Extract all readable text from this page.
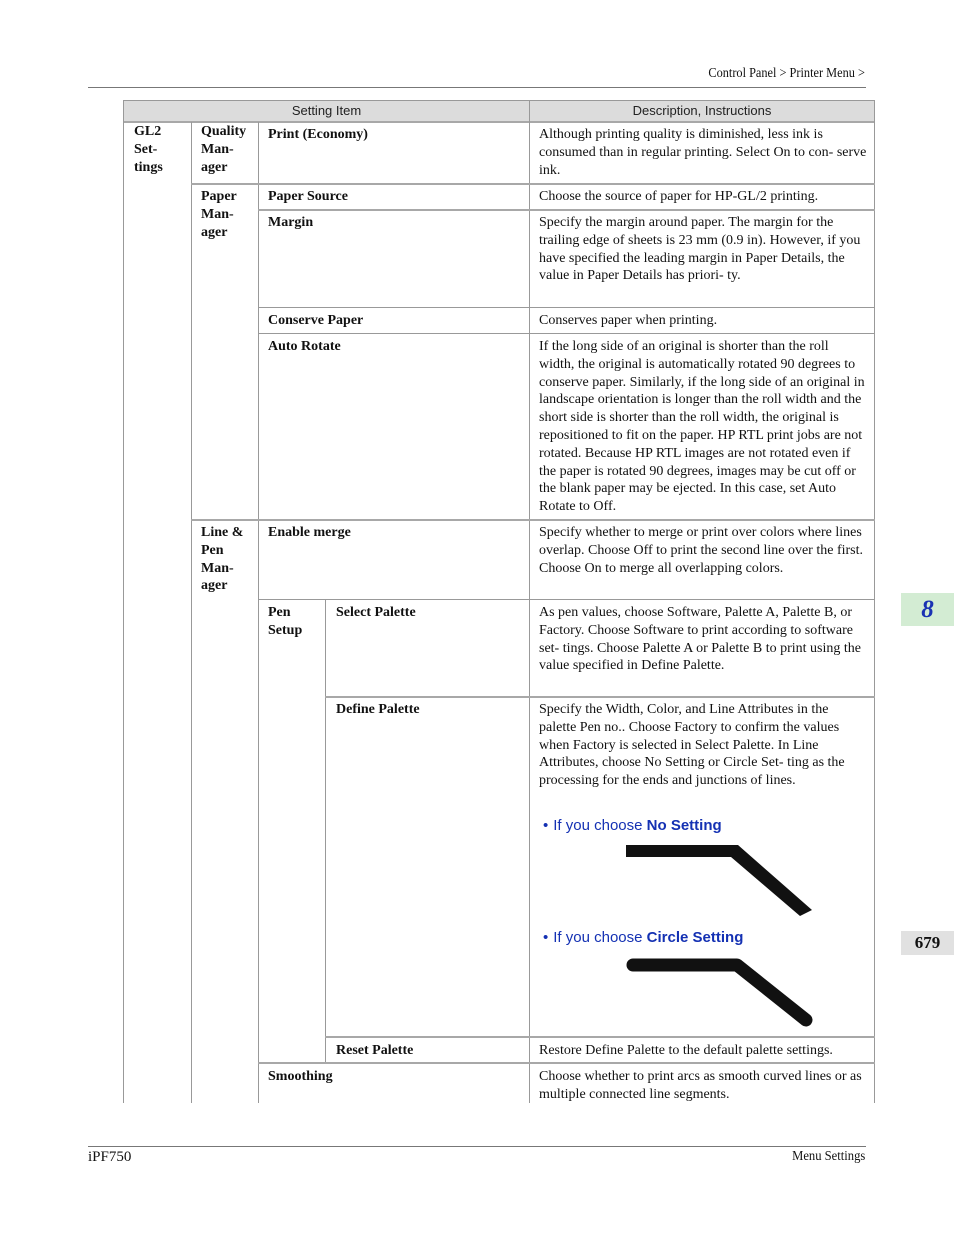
Control Panel > Printer Menu >
Setting Item	Description, Instructions
GL2 Set- tings
Quality Man- ager
Paper Man- ager
Line & Pen Man- ager
Pen Setup
Print (Economy)
Paper Source
Margin
Conserve Paper
Auto Rotate
Enable merge
Select Palette
Define Palette
Reset Palette
Smoothing
Although printing quality is diminished, less ink is consumed than in regular printing. Select On to con- serve ink.
Choose the source of paper for HP-GL/2 printing.
Specify the margin around paper. The margin for the trailing edge of sheets is 23 mm (0.9 in). However, if you have specified the leading margin in Paper Details, the value in Paper Details has priori- ty.
Conserves paper when printing.
If the long side of an original is shorter than the roll width, the original is automatically rotated 90 degrees to conserve paper. Similarly, if the long side of an original in landscape orientation is longer than the roll width and the short side is shorter than the roll width, the original is repositioned to fit on the paper. HP RTL print jobs are not rotated. Because HP RTL images are not rotated even if the paper is rotated 90 degrees, images may be cut off or the blank paper may be ejected. In this case, set Auto Rotate to Off.
Specify whether to merge or print over colors where lines overlap. Choose Off to print the second line over the first. Choose On to merge all overlapping colors.
As pen values, choose Software, Palette A, Palette B, or Factory. Choose Software to print according to software set- tings. Choose Palette A or Palette B to print using the value specified in Define Palette.
Specify the Width, Color, and Line Attributes in the palette Pen no.. Choose Factory to confirm the values when Factory is selected in Select Palette. In Line Attributes, choose No Setting or Circle Set- ting as the processing for the ends and junctions of lines.
• If you choose No Setting
• If you choose Circle Setting
Restore Define Palette to the default palette settings.
Choose whether to print arcs as smooth curved lines or as multiple connected line segments.
8
679
iPF750	Menu Settings
